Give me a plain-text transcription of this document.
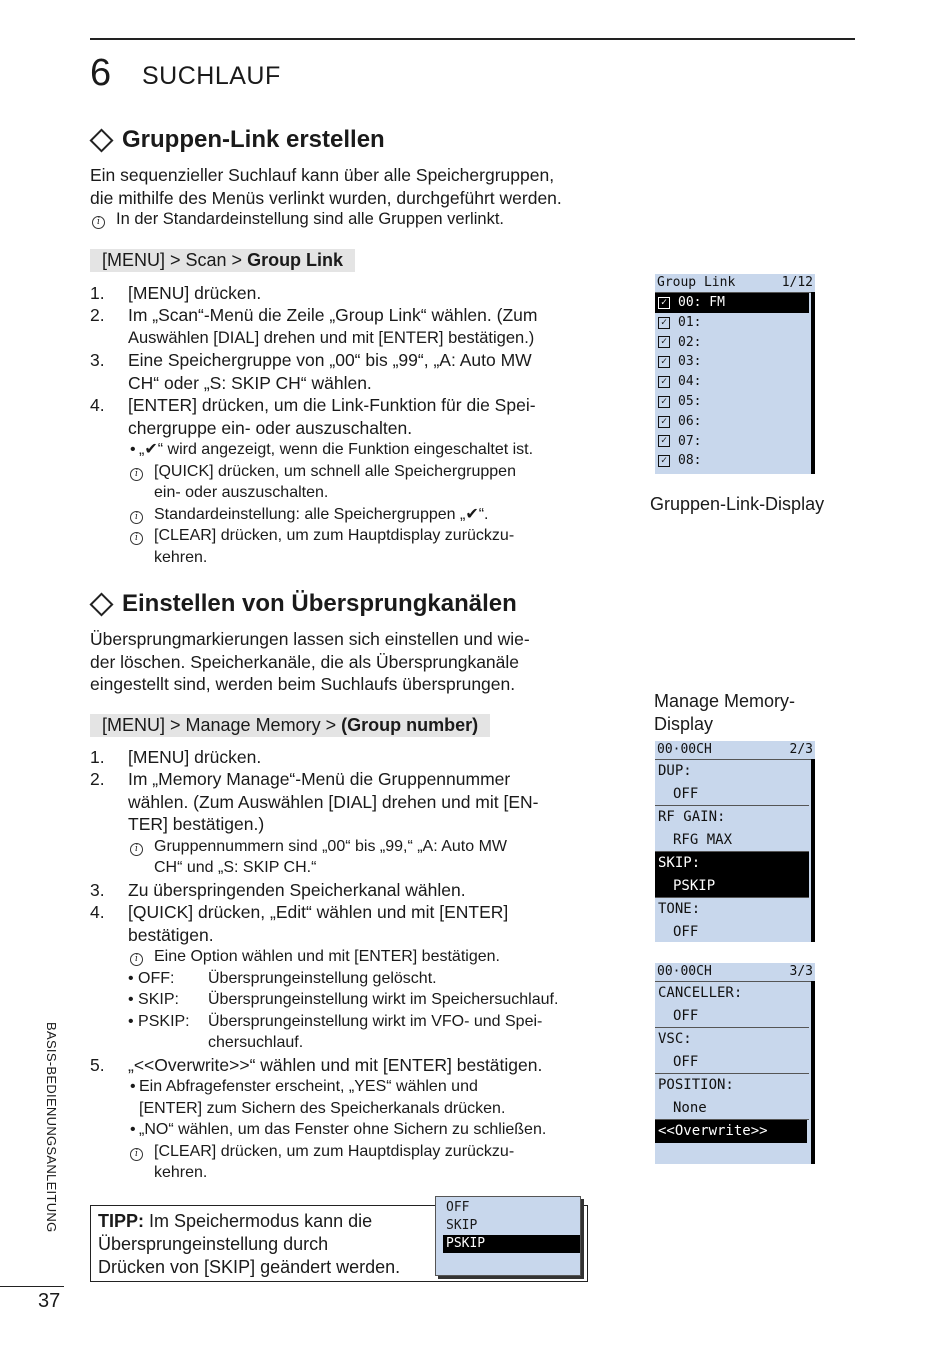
6 SUCHLAUF
Gruppen-Link erstellen
Ein sequenzieller Suchlauf kann über alle Speichergruppen,
die mithilfe des Menüs verlinkt wurden, durchgeführt werden.
i In der Standardeinstellung sind alle Gruppen verlinkt.
[MENU] > Scan > Group Link
1. [MENU] drücken.
2. Im „Scan“-Menü die Zeile „Group Link“ wählen. (Zum
Auswählen [DIAL] drehen und mit [ENTER] bestätigen.)
3. Eine Speichergruppe von „00“ bis „99“, „A: Auto MW
CH“ oder „S: SKIP CH“ wählen.
4. [ENTER] drücken, um die Link-Funktion für die Spei-
chergruppe ein- oder auszuschalten.
• „✔“ wird angezeigt, wenn die Funktion eingeschaltet ist.
i	[QUICK] drücken, um schnell alle Speichergruppen
ein- oder auszuschalten.
i	Standardeinstellung: alle Speichergruppen „✔“.
i	[CLEAR] drücken, um zum Hauptdisplay zurückzu-
kehren.
Group Link	1/12
✓ 00: FM
✓ 01:
✓ 02:
✓ 03:
✓ 04:
✓ 05:
✓ 06:
✓ 07:
✓ 08:
Gruppen-Link-Display
Einstellen von Übersprungkanälen
Übersprungmarkierungen lassen sich einstellen und wie-
der löschen. Speicherkanäle, die als Übersprungkanäle
eingestellt sind, werden beim Suchlaufs übersprungen.
[MENU] > Manage Memory > (Group number)
1. [MENU] drücken.
2. Im „Memory Manage“-Menü die Gruppennummer
wählen. (Zum Auswählen [DIAL] drehen und mit [EN-
TER] bestätigen.)
i	Gruppennummern sind „00“ bis „99,“ „A: Auto MW
CH“ und „S: SKIP CH.“
3. Zu überspringenden Speicherkanal wählen.
4. [QUICK] drücken, „Edit“ wählen und mit [ENTER]
bestätigen.
i	Eine Option wählen und mit [ENTER] bestätigen.
• OFF: Übersprungeinstellung gelöscht.
• SKIP: Übersprungeinstellung wirkt im Speichersuchlauf.
• PSKIP: Übersprungeinstellung wirkt im VFO- und Spei-
chersuchlauf.
5. „<<Overwrite>>“ wählen und mit [ENTER] bestätigen.
• Ein Abfragefenster erscheint, „YES“ wählen und
[ENTER] zum Sichern des Speicherkanals drücken.
• „NO“ wählen, um das Fenster ohne Sichern zu schließen.
i	[CLEAR] drücken, um zum Hauptdisplay zurückzu-
kehren.
Manage Memory-
Display
00·00CH	2/3
DUP:
OFF
RF GAIN:
RFG MAX
SKIP:
PSKIP
TONE:
OFF
00·00CH	3/3
CANCELLER:
OFF
VSC:
OFF
POSITION:
None
<<Overwrite>>
TIPP: Im Speichermodus kann die
Übersprungeinstellung durch
Drücken von [SKIP] geändert werden.
OFF
SKIP
PSKIP
BASIS-BEDIENUNGSANLEITUNG
37
